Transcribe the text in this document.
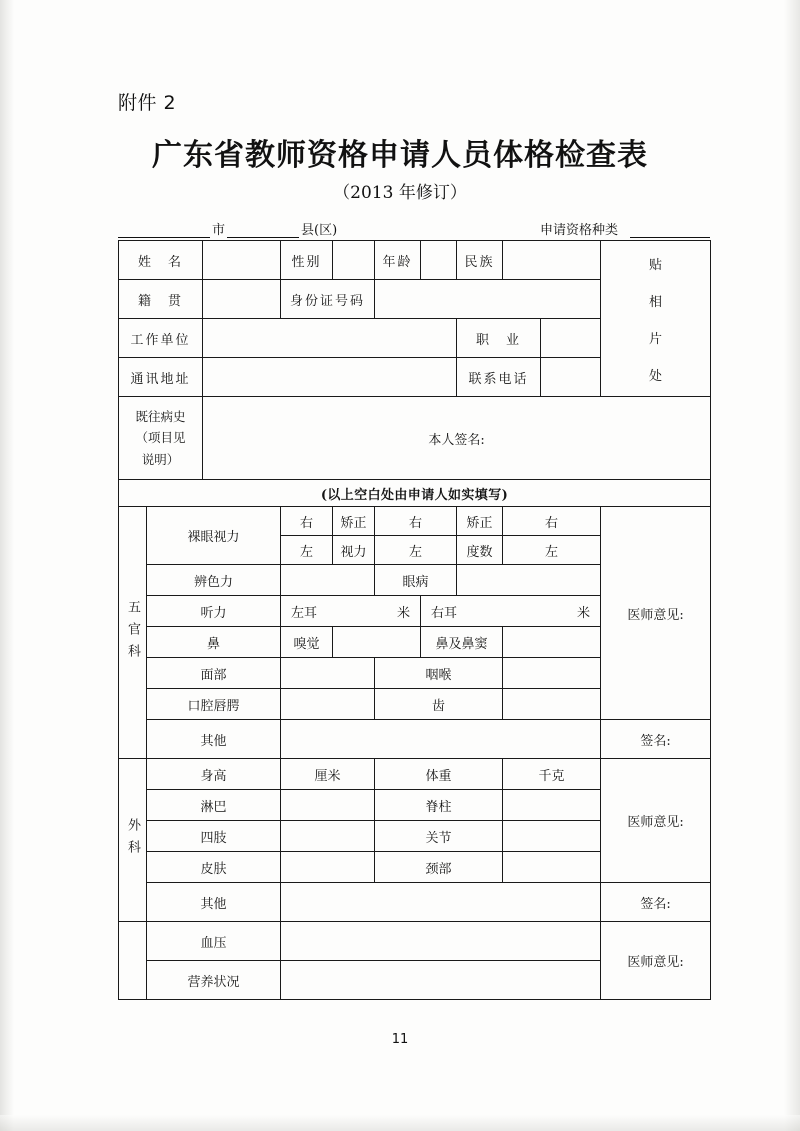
附件 2
广东省教师资格申请人员体格检查表
（2013 年修订）
市	县(区)	申请资格种类
姓　名			性别		年龄		民族			贴
相
片
处

籍　贯			身份证号码							
工作单位							职　业			
通讯地址							联系电话			

既往病史
（项目见
说明）		本人签名:								
(以上空白处由申请人如实填写)										

五官科	裸眼视力		右	矫正	右		矫正	右		医师意见:
			左	视力	左		度数	左		
	辨色力				眼病					
	听力		左耳 米			右耳 米				

	鼻		嗅觉			鼻及鼻窦				
	面部				咽喉					
	口腔唇腭				齿					
	其他									签名:

外科	身高		厘米		体重			千克		医师意见:
	淋巴				脊柱					
	四肢				关节					
	皮肤				颈部					
	其他									签名:
	血压									医师意见:
	营养状况									
11
